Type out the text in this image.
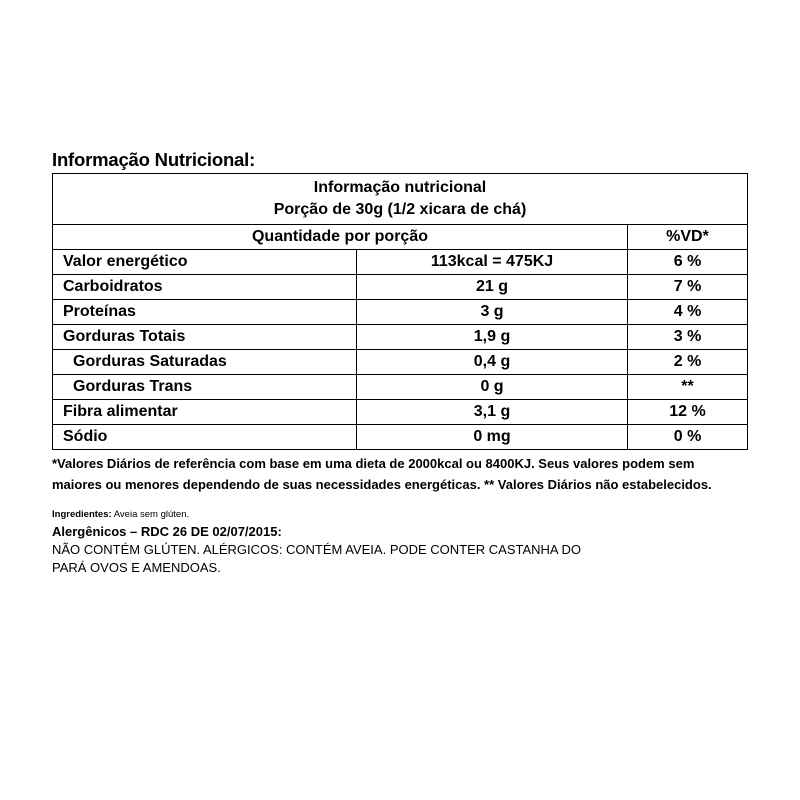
Informação Nutricional:
Informação nutricional
Porção de 30g (1/2 xicara de chá)		

Quantidade por porção		%VD*
Valor energético	113kcal = 475KJ	6 %
Carboidratos	21 g	7 %
Proteínas	3 g	4 %
Gorduras Totais	1,9 g	3 %
Gorduras Saturadas	0,4 g	2 %
Gorduras Trans	0 g	**
Fibra alimentar	3,1 g	12 %
Sódio	0 mg	0 %
*Valores Diários de referência com base em uma dieta de 2000kcal ou 8400KJ. Seus valores podem sem
maiores ou menores dependendo de suas necessidades energéticas. ** Valores Diários não estabelecidos.
Ingredientes: Aveia sem glúten.
Alergênicos – RDC 26 DE 02/07/2015:
NÃO CONTÉM GLÚTEN. ALÉRGICOS: CONTÉM AVEIA. PODE CONTER CASTANHA DO
PARÁ OVOS E AMENDOAS.
